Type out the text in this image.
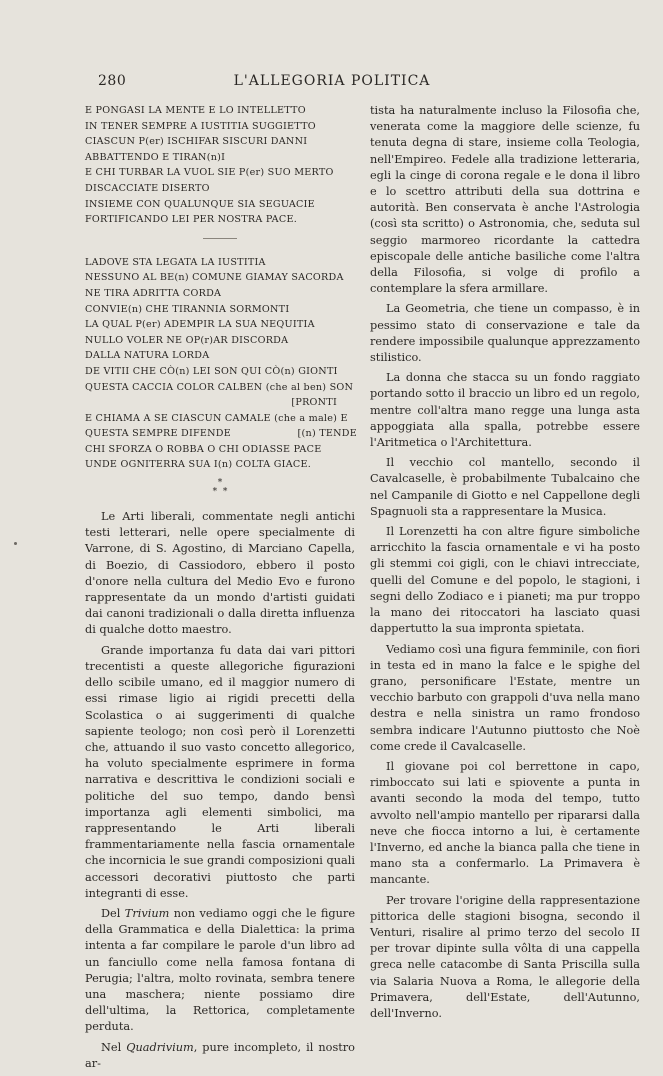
280	L'ALLEGORIA POLITICA
E PONGASI LA MENTE E LO INTELLETTO
IN TENER SEMPRE A IUSTITIA SUGGIETTO
CIASCUN P(er) ISCHIFAR SISCURI DANNI
ABBATTENDO E TIRAN(n)I
E CHI TURBAR LA VUOL SIE P(er) SUO MERTO
DISCACCIATE DISERTO
INSIEME CON QUALUNQUE SIA SEGUACIE
FORTIFICANDO LEI PER NOSTRA PACE.
LADOVE STA LEGATA LA IUSTITIA
NESSUNO AL BE(n) COMUNE GIAMAY SACORDA
NE TIRA ADRITTA CORDA
CONVIE(n) CHE TIRANNIA SORMONTI
LA QUAL P(er) ADEMPIR LA SUA NEQUITIA
NULLO VOLER NE OP(r)AR DISCORDA
DALLA NATURA LORDA
DE VITII CHE CÒ(n) LEI SON QUI CÒ(n) GIONTI
QUESTA CACCIA COLOR CALBEN (che al ben) SON
[PRONTI
E CHIAMA A SE CIASCUN CAMALE (che a male) E
QUESTA SEMPRE DIFENDE	[(n) TENDE
CHI SFORZA O ROBBA O CHI ODIASSE PACE
UNDE OGNITERRA SUA I(n) COLTA GIACE.
*
*  *

Le Arti liberali, commentate negli antichi testi letterari, nelle opere specialmente di Varrone, di S. Agostino, di Marciano Capella, di Boezio, di Cassiodoro, ebbero il posto d'onore nella cultura del Medio Evo e furono rappresentate da un mondo d'artisti guidati dai canoni tradizionali o dalla diretta influenza di qualche dotto maestro.

Grande importanza fu data dai vari pittori trecentisti a queste allegoriche figurazioni dello scibile umano, ed il maggior numero di essi rimase ligio ai rigidi precetti della Scolastica o ai suggerimenti di qualche sapiente teologo; non così però il Lorenzetti che, attuando il suo vasto concetto allegorico, ha voluto specialmente esprimere in forma narrativa e descrittiva le condizioni sociali e politiche del suo tempo, dando bensì importanza agli elementi simbolici, ma rappresentando le Arti liberali frammentariamente nella fascia ornamentale che incornicia le sue grandi composizioni quali accessori decorativi piuttosto che parti integranti di esse.

Del Trivium non vediamo oggi che le figure della Grammatica e della Dialettica: la prima intenta a far compilare le parole d'un libro ad un fanciullo come nella famosa fontana di Perugia; l'altra, molto rovinata, sembra tenere una maschera; niente possiamo dire dell'ultima, la Rettorica, completamente perduta.

Nel Quadrivium, pure incompleto, il nostro ar-

tista ha naturalmente incluso la Filosofia che, venerata come la maggiore delle scienze, fu tenuta degna di stare, insieme colla Teologia, nell'Empireo. Fedele alla tradizione letteraria, egli la cinge di corona regale e le dona il libro e lo scettro attributi della sua dottrina e autorità. Ben conservata è anche l'Astrologia (così sta scritto) o Astronomia, che, seduta sul seggio marmoreo ricordante la cattedra episcopale delle antiche basiliche come l'altra della Filosofia, si volge di profilo a contemplare la sfera armillare.

La Geometria, che tiene un compasso, è in pessimo stato di conservazione e tale da rendere impossibile qualunque apprezzamento stilistico.

La donna che stacca su un fondo raggiato portando sotto il braccio un libro ed un regolo, mentre coll'altra mano regge una lunga asta appoggiata alla spalla, potrebbe essere l'Aritmetica o l'Architettura.

Il vecchio col mantello, secondo il Cavalcaselle, è probabilmente Tubalcaino che nel Campanile di Giotto e nel Cappellone degli Spagnuoli sta a rappresentare la Musica.

Il Lorenzetti ha con altre figure simboliche arricchito la fascia ornamentale e vi ha posto gli stemmi coi gigli, con le chiavi intrecciate, quelli del Comune e del popolo, le stagioni, i segni dello Zodiaco e i pianeti; ma pur troppo la mano dei ritoccatori ha lasciato quasi dappertutto la sua impronta spietata.

Vediamo così una figura femminile, con fiori in testa ed in mano la falce e le spighe del grano, personificare l'Estate, mentre un vecchio barbuto con grappoli d'uva nella mano destra e nella sinistra un ramo frondoso sembra indicare l'Autunno piuttosto che Noè come crede il Cavalcaselle.

Il giovane poi col berrettone in capo, rimboccato sui lati e spiovente a punta in avanti secondo la moda del tempo, tutto avvolto nell'ampio mantello per ripararsi dalla neve che fiocca intorno a lui, è certamente l'Inverno, ed anche la bianca palla che tiene in mano sta a confermarlo. La Primavera è mancante.

Per trovare l'origine della rappresentazione pittorica delle stagioni bisogna, secondo il Venturi, risalire al primo terzo del secolo II per trovar dipinte sulla vôlta di una cappella greca nelle catacombe di Santa Priscilla sulla via Salaria Nuova a Roma, le allegorie della Primavera, dell'Estate, dell'Autunno, dell'Inverno.
